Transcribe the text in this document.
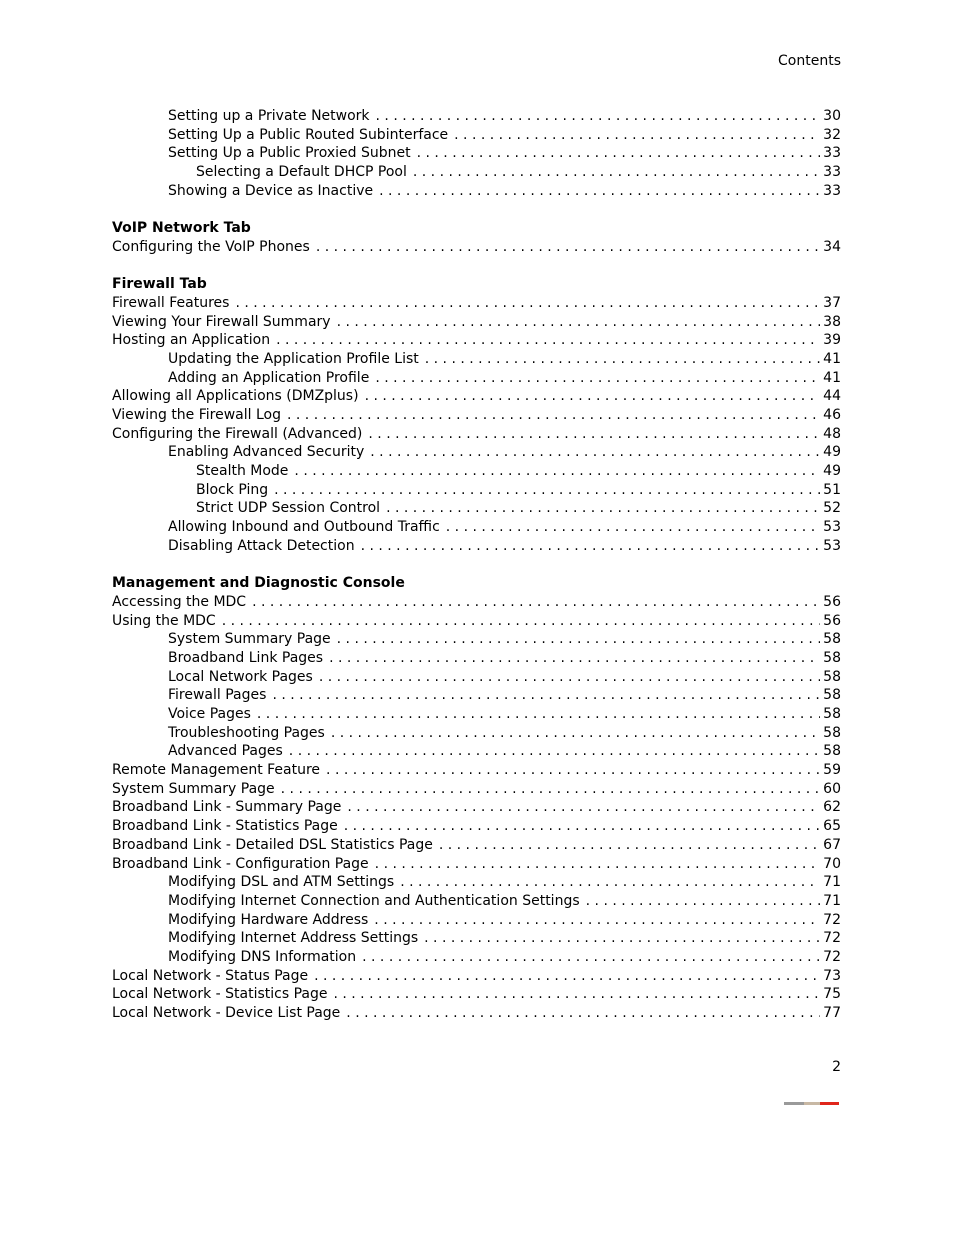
Contents
Setting up a Private Network . . .	30
Setting Up a Public Routed Subinterface . . .	32
Setting Up a Public Proxied Subnet . . .	33
Selecting a Default DHCP Pool . . .	33
Showing a Device as Inactive . . .	33
VoIP Network Tab
Configuring the VoIP Phones . . .	34
Firewall Tab
Firewall Features . . .	37
Viewing Your Firewall Summary . . .	38
Hosting an Application . . .	39
Updating the Application Profile List . . .	41
Adding an Application Profile . . .	41
Allowing all Applications (DMZplus) . . .	44
Viewing the Firewall Log . . .	46
Configuring the Firewall (Advanced) . . .	48
Enabling Advanced Security . . .	49
Stealth Mode . . .	49
Block Ping . . .	51
Strict UDP Session Control . . .	52
Allowing Inbound and Outbound Traffic . . .	53
Disabling Attack Detection . . .	53
Management and Diagnostic Console
Accessing the MDC . . .	56
Using the MDC . . .	56
System Summary Page . . .	58
Broadband Link Pages . . .	58
Local Network Pages . . .	58
Firewall Pages . . .	58
Voice Pages . . .	58
Troubleshooting Pages . . .	58
Advanced Pages . . .	58
Remote Management Feature . . .	59
System Summary Page . . .	60
Broadband Link - Summary Page . . .	62
Broadband Link - Statistics Page . . .	65
Broadband Link - Detailed DSL Statistics Page . . .	67
Broadband Link - Configuration Page . . .	70
Modifying DSL and ATM Settings . . .	71
Modifying Internet Connection and Authentication Settings . . .	71
Modifying Hardware Address . . .	72
Modifying Internet Address Settings . . .	72
Modifying DNS Information . . .	72
Local Network - Status Page . . .	73
Local Network - Statistics Page . . .	75
Local Network - Device List Page . . .	77
2
